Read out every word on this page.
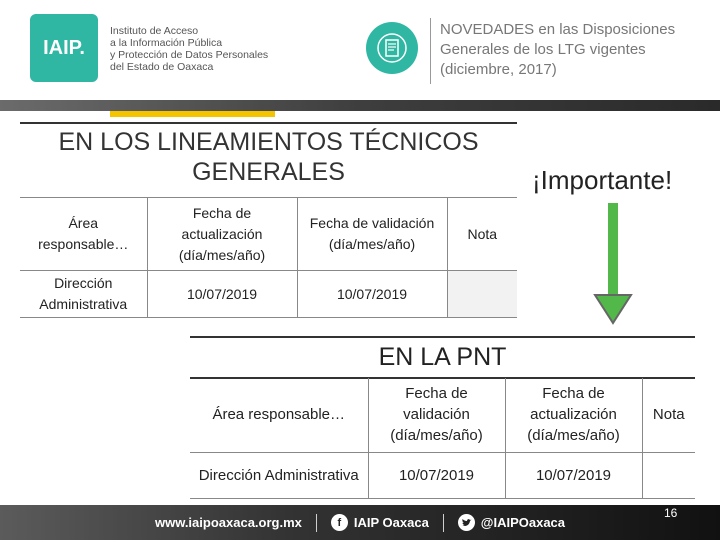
IAIP.
Instituto de Acceso
a la Información Pública
y Protección de Datos Personales
del Estado de Oaxaca
NOVEDADES en las Disposiciones
Generales de los LTG vigentes
(diciembre, 2017)
EN LOS LINEAMIENTOS TÉCNICOS
GENERALES
Área responsable…	Fecha de actualización (día/mes/año)	Fecha de validación (día/mes/año)	Nota
Dirección Administrativa	10/07/2019	10/07/2019	
¡Importante!
EN LA PNT
Área responsable…	Fecha de validación (día/mes/año)	Fecha de actualización (día/mes/año)	Nota
Dirección Administrativa	10/07/2019	10/07/2019	
www.iaipoaxaca.org.mx	f IAIP Oaxaca	@IAIPOaxaca
16
